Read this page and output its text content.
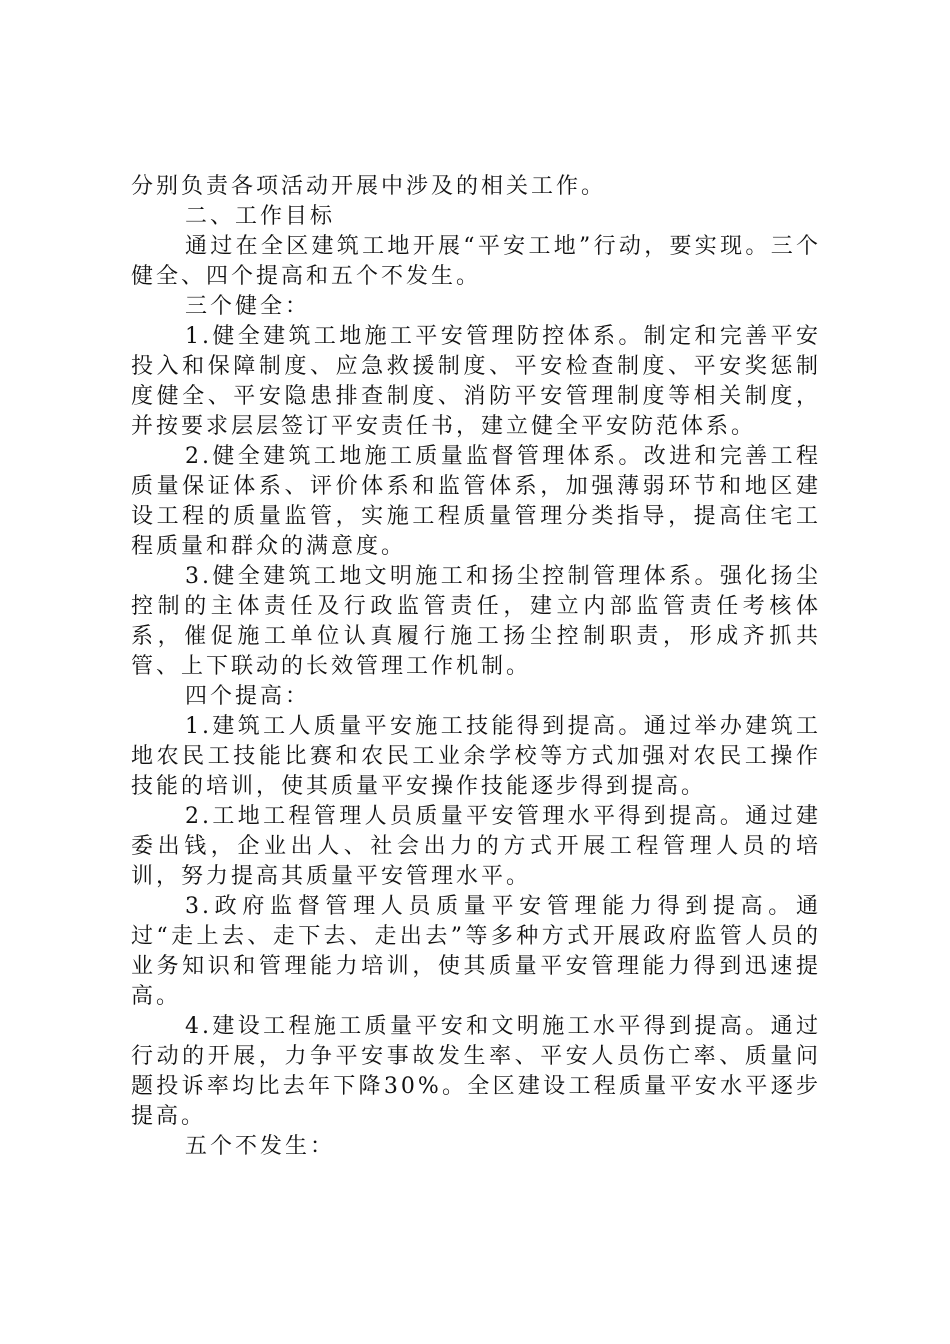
分别负责各项活动开展中涉及的相关工作。

二、工作目标

通过在全区建筑工地开展“平安工地”行动，要实现。三个健全、四个提高和五个不发生。

三个健全：

1.健全建筑工地施工平安管理防控体系。制定和完善平安投入和保障制度、应急救援制度、平安检查制度、平安奖惩制度健全、平安隐患排查制度、消防平安管理制度等相关制度，并按要求层层签订平安责任书，建立健全平安防范体系。

2.健全建筑工地施工质量监督管理体系。改进和完善工程质量保证体系、评价体系和监管体系，加强薄弱环节和地区建设工程的质量监管，实施工程质量管理分类指导，提高住宅工程质量和群众的满意度。

3.健全建筑工地文明施工和扬尘控制管理体系。强化扬尘控制的主体责任及行政监管责任，建立内部监管责任考核体系，催促施工单位认真履行施工扬尘控制职责，形成齐抓共管、上下联动的长效管理工作机制。

四个提高：

1.建筑工人质量平安施工技能得到提高。通过举办建筑工地农民工技能比赛和农民工业余学校等方式加强对农民工操作技能的培训，使其质量平安操作技能逐步得到提高。

2.工地工程管理人员质量平安管理水平得到提高。通过建委出钱，企业出人、社会出力的方式开展工程管理人员的培训，努力提高其质量平安管理水平。

3.政府监督管理人员质量平安管理能力得到提高。通过“走上去、走下去、走出去”等多种方式开展政府监管人员的业务知识和管理能力培训，使其质量平安管理能力得到迅速提高。

4.建设工程施工质量平安和文明施工水平得到提高。通过行动的开展，力争平安事故发生率、平安人员伤亡率、质量问题投诉率均比去年下降30%。全区建设工程质量平安水平逐步提高。

五个不发生：
